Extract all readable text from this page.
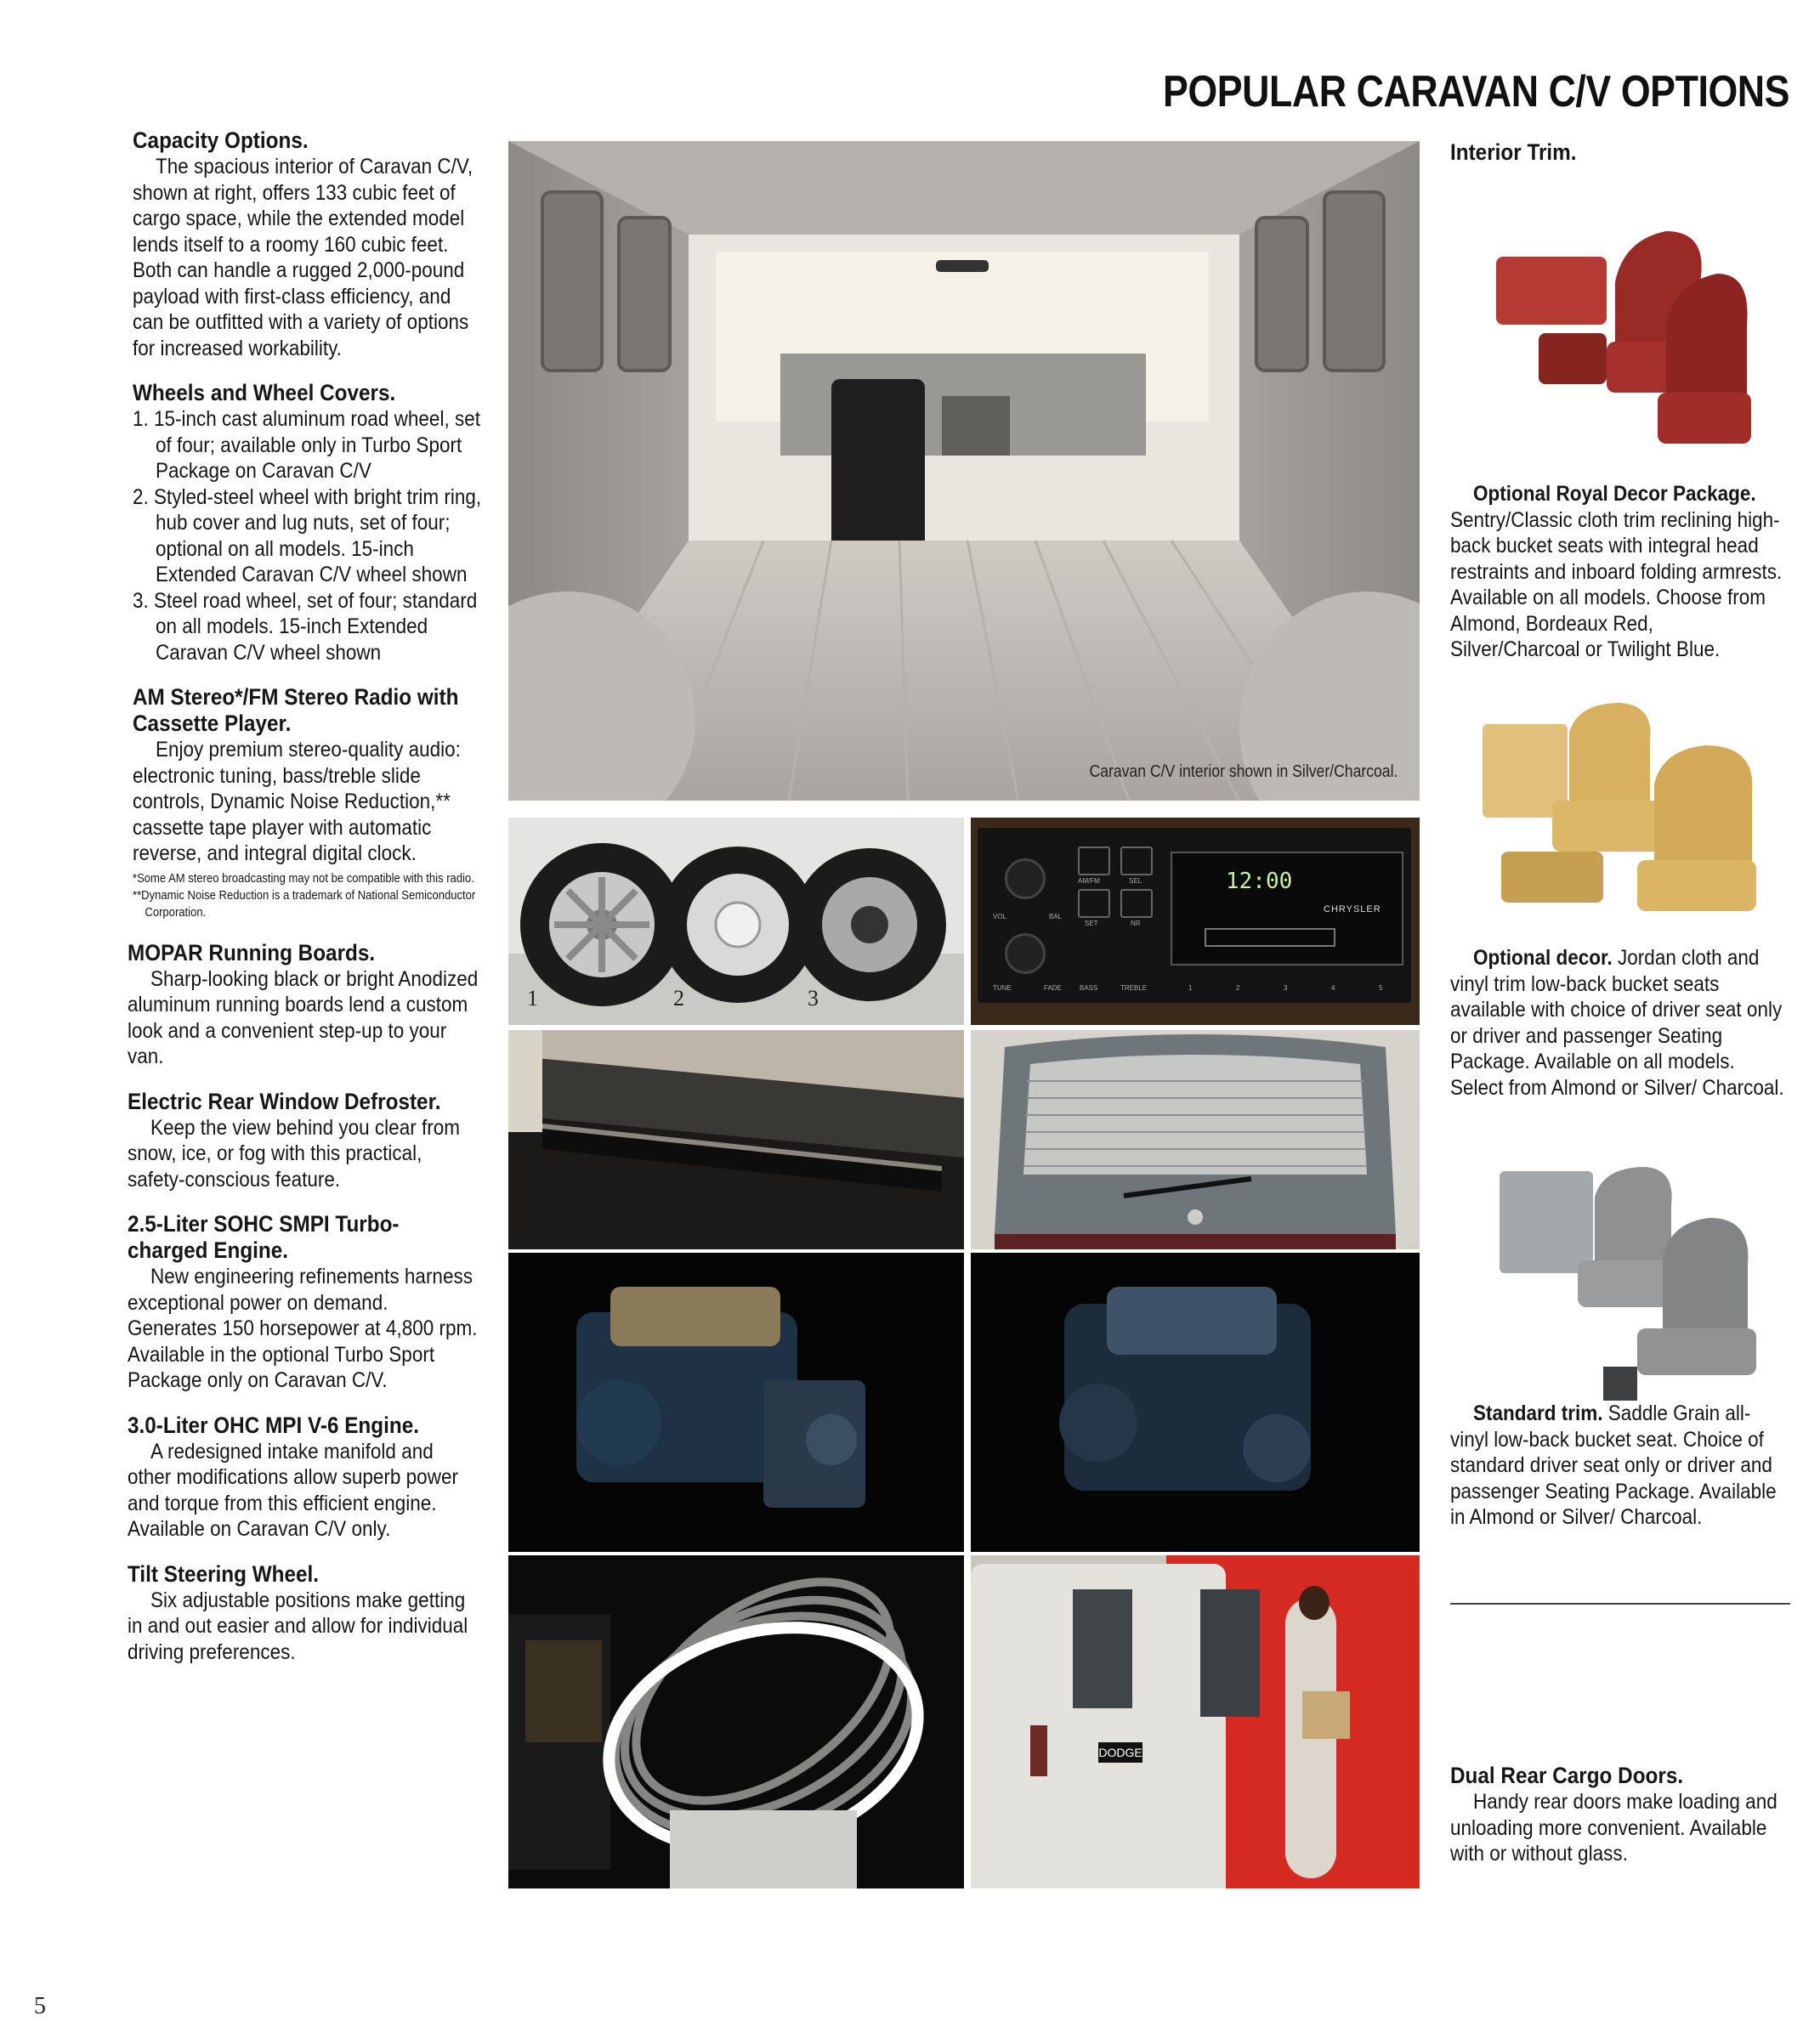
POPULAR CARAVAN C/V OPTIONS
Capacity Options.

The spacious interior of Caravan C/V, shown at right, offers 133 cubic feet of cargo space, while the extended model lends itself to a roomy 160 cubic feet. Both can handle a rugged 2,000-pound payload with first-class efficiency, and can be outfitted with a variety of options for increased workability.

Wheels and Wheel Covers.
1. 15-inch cast aluminum road wheel, set of four; available only in Turbo Sport Package on Caravan C/V
2. Styled-steel wheel with bright trim ring, hub cover and lug nuts, set of four; optional on all models. 15-inch Extended Caravan C/V wheel shown
3. Steel road wheel, set of four; standard on all models. 15-inch Extended Caravan C/V wheel shown
AM Stereo*/FM Stereo Radio with
Cassette Player.

Enjoy premium stereo-quality audio: electronic tuning, bass/treble slide controls, Dynamic Noise Reduction,** cassette tape player with automatic reverse, and integral digital clock.

*Some AM stereo broadcasting may not be compatible with this radio.
**Dynamic Noise Reduction is a trademark of National Semiconductor Corporation.
MOPAR Running Boards.

Sharp-looking black or bright Anodized aluminum running boards lend a custom look and a convenient step-up to your van.

Electric Rear Window Defroster.

Keep the view behind you clear from snow, ice, or fog with this practical, safety-conscious feature.

2.5-Liter SOHC SMPI Turbo-
charged Engine.

New engineering refinements harness exceptional power on demand. Generates 150 horsepower at 4,800 rpm. Available in the optional Turbo Sport Package only on Caravan C/V.

3.0-Liter OHC MPI V-6 Engine.

A redesigned intake manifold and other modifications allow superb power and torque from this efficient engine. Available on Caravan C/V only.

Tilt Steering Wheel.

Six adjustable positions make getting in and out easier and allow for individual driving preferences.

Caravan C/V interior shown in Silver/Charcoal.
1	2	3
12:00
CHRYSLER
AM/FM	SEL
SET	NR
VOL	BAL
TUNE	FADE	BASS	TREBLE	1	2	3	4	5
DODGE
Interior Trim.

Optional Royal Decor Package. Sentry/Classic cloth trim reclining high-back bucket seats with integral head restraints and inboard folding armrests. Available on all models. Choose from Almond, Bordeaux Red, Silver/Charcoal or Twilight Blue.

Optional decor. Jordan cloth and vinyl trim low-back bucket seats available with choice of driver seat only or driver and passenger Seating Package. Available on all models. Select from Almond or Silver/ Charcoal.

Standard trim. Saddle Grain all-vinyl low-back bucket seat. Choice of standard driver seat only or driver and passenger Seating Package. Available in Almond or Silver/ Charcoal.

Dual Rear Cargo Doors.

Handy rear doors make loading and unloading more convenient. Available with or without glass.

5
